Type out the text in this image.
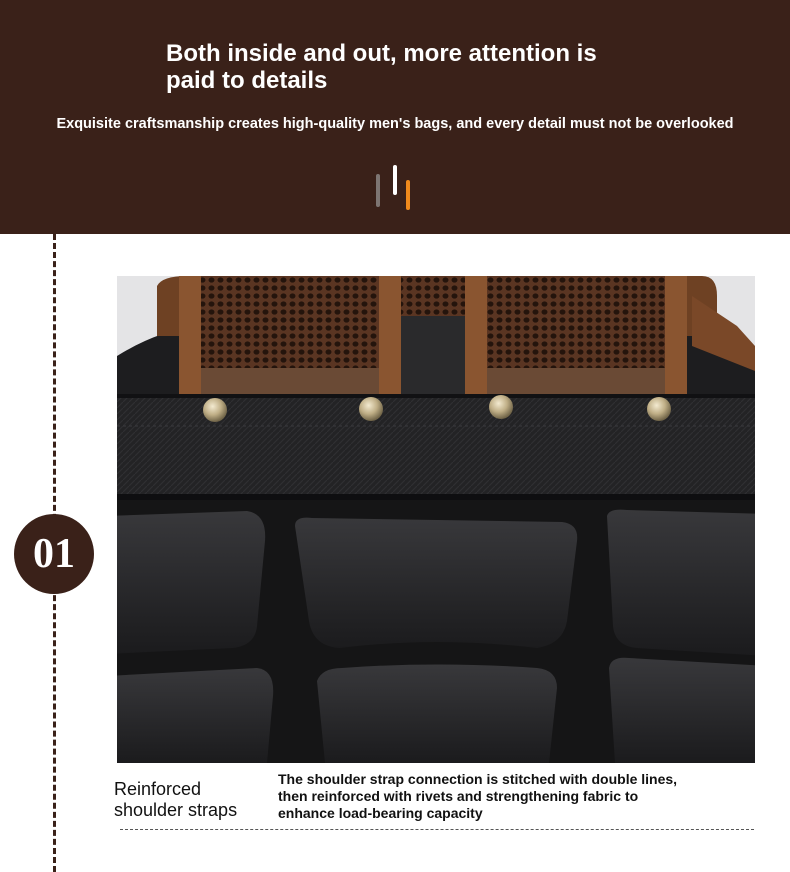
Both inside and out, more attention is
paid to details
Exquisite craftsmanship creates high-quality men's bags, and every detail must not be overlooked
01
Reinforced
shoulder straps
The shoulder strap connection is stitched with double lines,
then reinforced with rivets and strengthening fabric to
enhance load-bearing capacity
